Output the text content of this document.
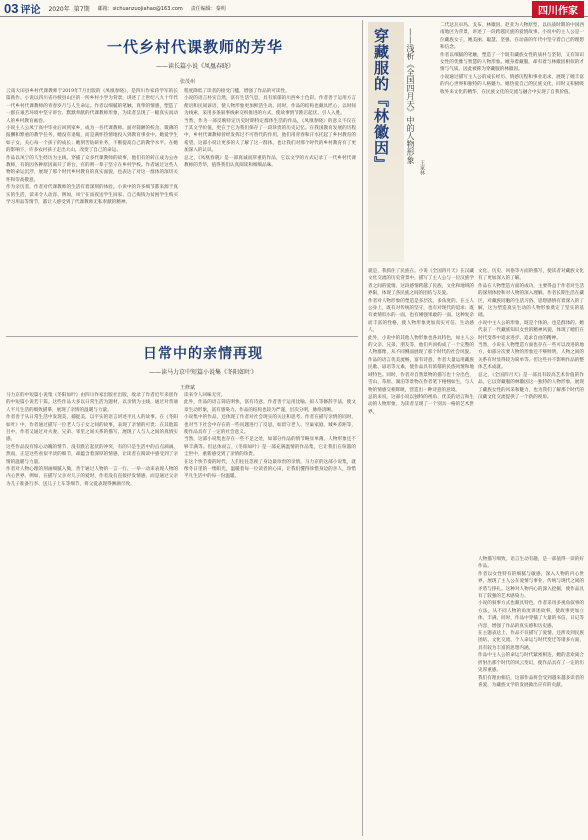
03 评论 2020年 第7期 邮箱：sichuanzuojiahao@163.com 责任编辑：秦明	四川作家
一代乡村代课教师的芳华
——读长篇小说《凤凰春晓》
张茂州
云南大田县乡村代课教师于2019年7月出版的《凤凰春晓》，是四川作家蒋学军的长篇新作。小说以四川省丹棱县山区的一所乡村小学为背景，讲述了上世纪八九十年代一代乡村代课教师的青春岁月与人生命运。作者以细腻的笔触、真挚的情感，塑造了一群在艰苦环境中坚守讲台、默默奉献的代课教师形象，为读者呈现了一幅真实而动人的乡村教育画卷。
小说主人公凤宁高中毕业后回到家乡，成为一名代课教师。面对简陋的校舍、微薄的报酬和繁重的教学任务，她没有退缩，而是满怀热情地投入到教育事业中。她爱学生如子女，关心每一个孩子的成长；她刻苦钻研业务，不断提高自己的教学水平。在她的影响下，许多农村孩子走出大山，改变了自己的命运。
作品以凤宁的人生经历为主线，穿插了众多代课教师的故事，他们有的转正成为公办教师，有的因各种原因离开了讲台，有的则一辈子坚守在乡村学校。作者通过这些人物的命运沉浮，展现了那个时代乡村教育的真实面貌，也表达了对这一群体的深切关怀和崇高敬意。
作为亲历者，作者对代课教师的生活有着深刻的体验。小说中的许多细节都来源于真实的生活，读来令人动容。例如，凤宁在雨夜送学生回家、自己掏钱为贫困学生购买学习用品等情节，都让人感受到了代课教师无私奉献的精神。
程度降低了读者的接受门槛，增强了作品的可读性。
小说的语言朴实自然，富有生活气息，具有浓郁的川西乡土色彩。作者善于运用方言俚语和民间谚语，使人物形象更加鲜活生动。同时，作品的结构也颇具匠心，以时间为线索，采用多条叙事线索交织推进的方式，使故事情节跌宕起伏、引人入胜。
当然，作为一部反映特定历史时期特定群体生活的作品，《凤凰春晓》的意义不仅在于其文学价值，更在于它为我们保存了一段珍贵的历史记忆。在我国教育发展的历程中，乡村代课教师曾经发挥过不可替代的作用，他们用青春和汗水托起了乡村教育的希望。这部小说让更多的人了解了这一群体，也让我们对那个时代的乡村教育有了更加深入的认识。
总之，《凤凰春晓》是一部真诚而厚重的作品，它以文学的方式记录了一代乡村代课教师的芳华，值得我们认真阅读和细细品味。
日常中的亲情再现
——读马力京中短篇小说集《冬阳如叶》
王修斌
马力京的中短篇小说集《冬阳如叶》由四川作家出版社出版，收录了作者近年来创作的中短篇小说若干篇。这些作品大多以日常生活为题材，以亲情为主线，通过对普通人平凡生活的细致描摹，展现了亲情的温暖与力量。
作者善于从日常生活中发现美、捕捉美，以平实的语言讲述平凡人的故事。在《冬阳如叶》中，作者通过描写一位老人与子女之间的故事，表现了亲情的可贵；在其他篇目中，作者又通过对夫妻、兄弟、邻里之间关系的描写，展现了人与人之间的真情实感。
这些作品没有惊心动魄的情节，没有跌宕起伏的冲突，有的只是生活中的点点滴滴。然而，正是这些看似平淡的细节，却蕴含着深厚的情感，让读者在阅读中感受到了亲情的温暖与力量。
作者对人物心理的刻画细腻入微，善于通过人物的一言一行、一举一动来表现人物的内心世界。例如，在描写父亲对儿子的爱时，作者没有直接抒发情感，而是通过父亲为儿子准备行李、送儿子上车等细节，将父爱表现得淋漓尽致。
读来令人回味无穷。
此外，作品的语言简洁明快，富有诗意。作者善于运用比喻、拟人等修辞手法，使文章生动形象，富有感染力。作品的结构也较为严谨，层次分明，脉络清晰。
小说集中的作品，还体现了作者对社会现实的关注和思考。作者在描写亲情的同时，也对当下社会中存在的一些问题进行了反思，如留守老人、空巢家庭、城乡差距等，使作品具有了一定的社会意义。
当然，这部小说集也存在一些不足之处，如部分作品的情节略显单薄，人物形象还不够丰满等。但总体而言，《冬阳如叶》是一部充满温情的作品集，它让我们在喧嚣的尘世中，重新感受到了亲情的珍贵。
在这个快节奏的时代，人们往往忽视了身边最珍贵的亲情。马力京的这部小说集，就像冬日里的一缕阳光，温暖着每一位读者的心田，让我们懂得珍惜身边的亲人，珍惜平凡生活中的每一份温暖。
穿藏服的『林徽因』 ——浅析《全国四月天》中的人物形象
王家林
二代达瓦卓玛、戈布、林徽因、赵亚为人物原型，以抗战时期的中国西南地区为背景，讲述了一段跨越民族的爱情故事。小说中的主人公是一位藏族女子，她美丽、聪慧、坚强，在动荡的年代中坚守着自己的理想和信念。
作者以细腻的笔触，塑造了一个既有藏族女性的质朴与坚韧，又有知识女性的优雅与智慧的人物形象。她身着藏服，却有着与林徽因相似的才情与气质，因此被称为穿藏服的林徽因。
小说通过描写主人公的成长经历、情感历程和事业追求，展现了她丰富的内心世界和独特的人格魅力。她热爱自己的民族文化，同时又积极吸收外来文化的精华，在民族文化的交流与融合中实现了自我价值。
就是，我抓住了民族在。小说《全国四月天》在汉藏文化交流的历史背景中，描写了主人公与一位汉族学者之间的爱情。这段感情跨越了民族、文化和地域的界限，体现了各民族之间的团结与友爱。
作者对人物形象的塑造是多层次、多角度的。在主人公身上，既有对传统的坚守，也有对现代的追求；既有柔情似水的一面，也有刚强果敢的一面。这种复杂而丰富的性格，使人物形象更加真实可信、生动感人。
此外，小说中的其他人物形象也各具特色，如主人公的父亲、兄弟、朋友等，他们共同构成了一个完整的人物群像，从不同侧面展现了那个时代的社会风貌。
作品的语言优美流畅，富有诗意，作者大量运用藏族民歌、谚语等元素，使作品具有浓郁的民族风情和地域特色。同时，作者对自然景物的描写也十分出色，雪山、草原、湖泊等景物在作者笔下栩栩如生，与人物的情感交相辉映，营造出一种诗意的意境。
总的来说，这部小说以独特的视角、优美的语言和生动的人物形象，为读者呈现了一个别具一格的艺术世界。
文化、历史、风俗等方面的描写，使读者对藏族文化有了更加深入的了解。
作品在人物塑造方面的成功，主要得益于作者对生活的深刻体验和对人物的深入理解。作者长期生活在藏区，对藏族同胞的生活习俗、思想感情有着深入的了解，这为塑造真实生动的人物形象奠定了坚实的基础。
小说中主人公的形象，既是个体的，也是群体的。她代表了一代藏族知识女性的精神风貌，体现了她们在时代变革中追求进步、追求自由的精神。
当然，小说在人物塑造方面也存在一些可以改进的地方，如部分次要人物的形象还不够鲜明，人物之间的关系有时显得较为简单等。但这些并不影响作品的整体艺术成就。
总之，《全国四月天》是一部具有较高艺术价值的作品，它以穿藏服的林徽因这一独特的人物形象，展现了藏族女性的风采和魅力，也为我们了解那个时代的汉藏文化交流提供了一个新的视角。
人物描写细致，语言生动有趣，是一部值得一读的好作品。
作者以女性特有的细腻与敏感，深入人物的内心世界，展现了主人公在爱情与事业、传统与现代之间的矛盾与挣扎。这种对人物内心的深入挖掘，使作品具有了较强的艺术感染力。
小说的叙事方式也颇具特色，作者采用多视角叙事的方法，从不同人物的角度讲述故事，使故事更加立体、丰满。同时，作品中穿插了大量的书信、日记等内容，增强了作品的真实感和历史感。
在主题表达上，作品不仅描写了爱情，还涉及到民族团结、文化交流、个人命运与时代变迁等诸多方面，具有较为丰富的思想内涵。
作品中主人公的命运与时代紧密相连，她的悲欢离合折射出那个时代的风云变幻，使作品具有了一定的历史厚重感。
我们有理由相信，这部作品将会受到越来越多读者的喜爱，为藏族文学的发展做出应有的贡献。
